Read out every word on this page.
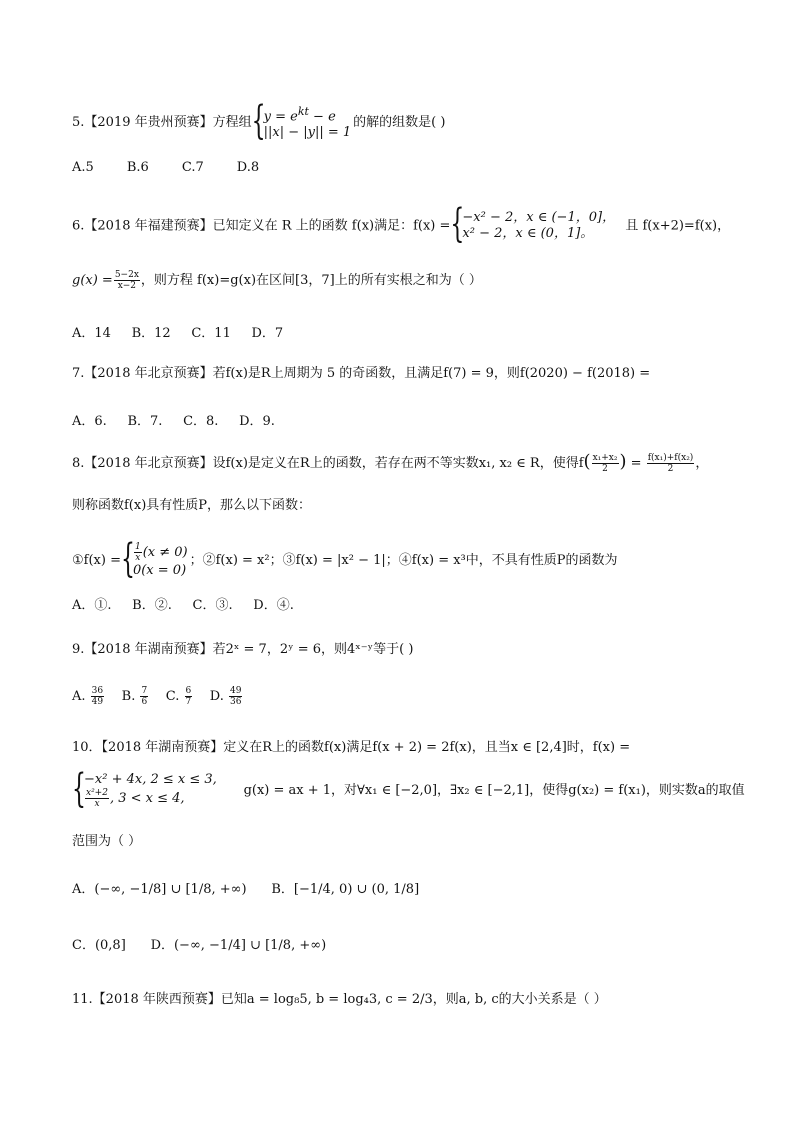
5.【2019 年贵州预赛】方程组 { $y = e^{kt} - e$
||x| − |y|| = 1
的解的组数是( )
A.5        B.6        C.7        D.8
6.【2018 年福建预赛】已知定义在 R 上的函数 f(x)满足：f(x) =
{ −x² − 2，x ∈ (−1，0]，
x² − 2，x ∈ (0，1]。	且 f(x+2)=f(x)，
$g(x) = \frac{5-2x}{x-2}$ ，则方程 f(x)=g(x)在区间[3，7]上的所有实根之和为（ ）
A．14     B．12     C．11     D．7
7.【2018 年北京预赛】若f(x)是R上周期为 5 的奇函数，且满足f(7) = 9，则f(2020) − f(2018) =
A．6.     B．7.     C．8.     D．9.
8.【2018 年北京预赛】设f(x)是定义在R上的函数，若存在两不等实数x₁, x₂ ∈ R，使得$f( \frac{\text{x₁+x₂}}{2}$ ) = $\frac{\text{f(x₁)+f(x₂)}}{2}$ ，
则称函数f(x)具有性质P，那么以下函数：
①f(x) = { $\frac{1}{x} (x \ne 0)$
0(x = 0)
；②f(x) = x²；③f(x) = |x² − 1|；④f(x) = x³中，不具有性质P的函数为
A．①.     B．②.     C．③.     D．④.
9.【2018 年湖南预赛】若2ˣ = 7，2ʸ = 6，则4ˣ⁻ʸ等于( )
A. $\frac{36}{49} B$. $\frac{7}{6} C$. $\frac{6}{7} D$. $\frac{49}{36}$
10．【2018 年湖南预赛】定义在R上的函数f(x)满足f(x + 2) = 2f(x)，且当x ∈ [2,4]时，f(x) =
{ −x² + 4x, 2 ≤ x ≤ 3,
$\frac{\text{x²+2}}{x}$ , 3 < x ≤ 4,
g(x) = ax + 1，对∀x₁ ∈ [−2,0]，∃x₂ ∈ [−2,1]，使得g(x₂) = f(x₁)，则实数a的取值
范围为（ ）
A．(−∞, −1/8] ∪ [1/8, +∞) B．[−1/4, 0) ∪ (0, 1/8]
C．(0,8] D．(−∞, −1/4] ∪ [1/8, +∞)
11.【2018 年陕西预赛】已知a = log₈5, b = log₄3, c = 2/3，则a, b, c的大小关系是（ ）
